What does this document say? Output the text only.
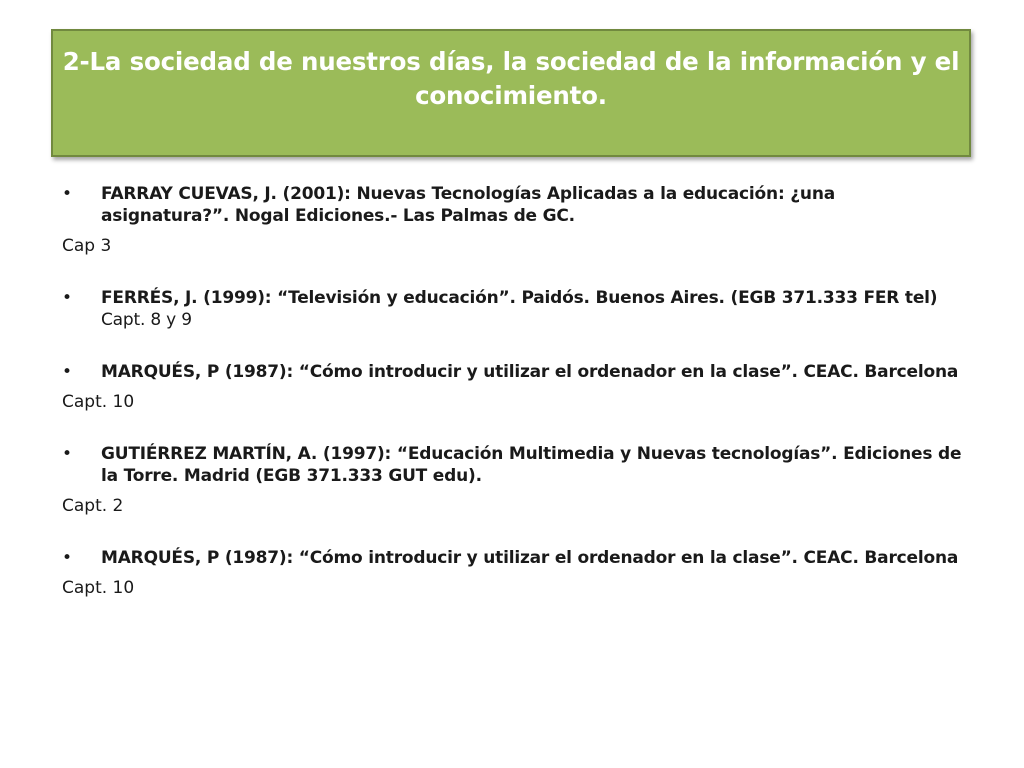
2-La sociedad de nuestros días, la sociedad de la información y el conocimiento.
• FARRAY CUEVAS, J. (2001): Nuevas Tecnologías Aplicadas a la educación: ¿una asignatura?”. Nogal Ediciones.- Las Palmas de GC.
Cap 3
• FERRÉS, J. (1999): “Televisión y educación”. Paidós. Buenos Aires. (EGB 371.333 FER tel) Capt. 8 y 9
• MARQUÉS, P (1987): “Cómo introducir y utilizar el ordenador en la clase”. CEAC. Barcelona
Capt. 10
• GUTIÉRREZ MARTÍN, A. (1997): “Educación Multimedia y Nuevas tecnologías”. Ediciones de la Torre. Madrid (EGB 371.333 GUT edu).
Capt. 2
• MARQUÉS, P (1987): “Cómo introducir y utilizar el ordenador en la clase”. CEAC. Barcelona
Capt. 10
